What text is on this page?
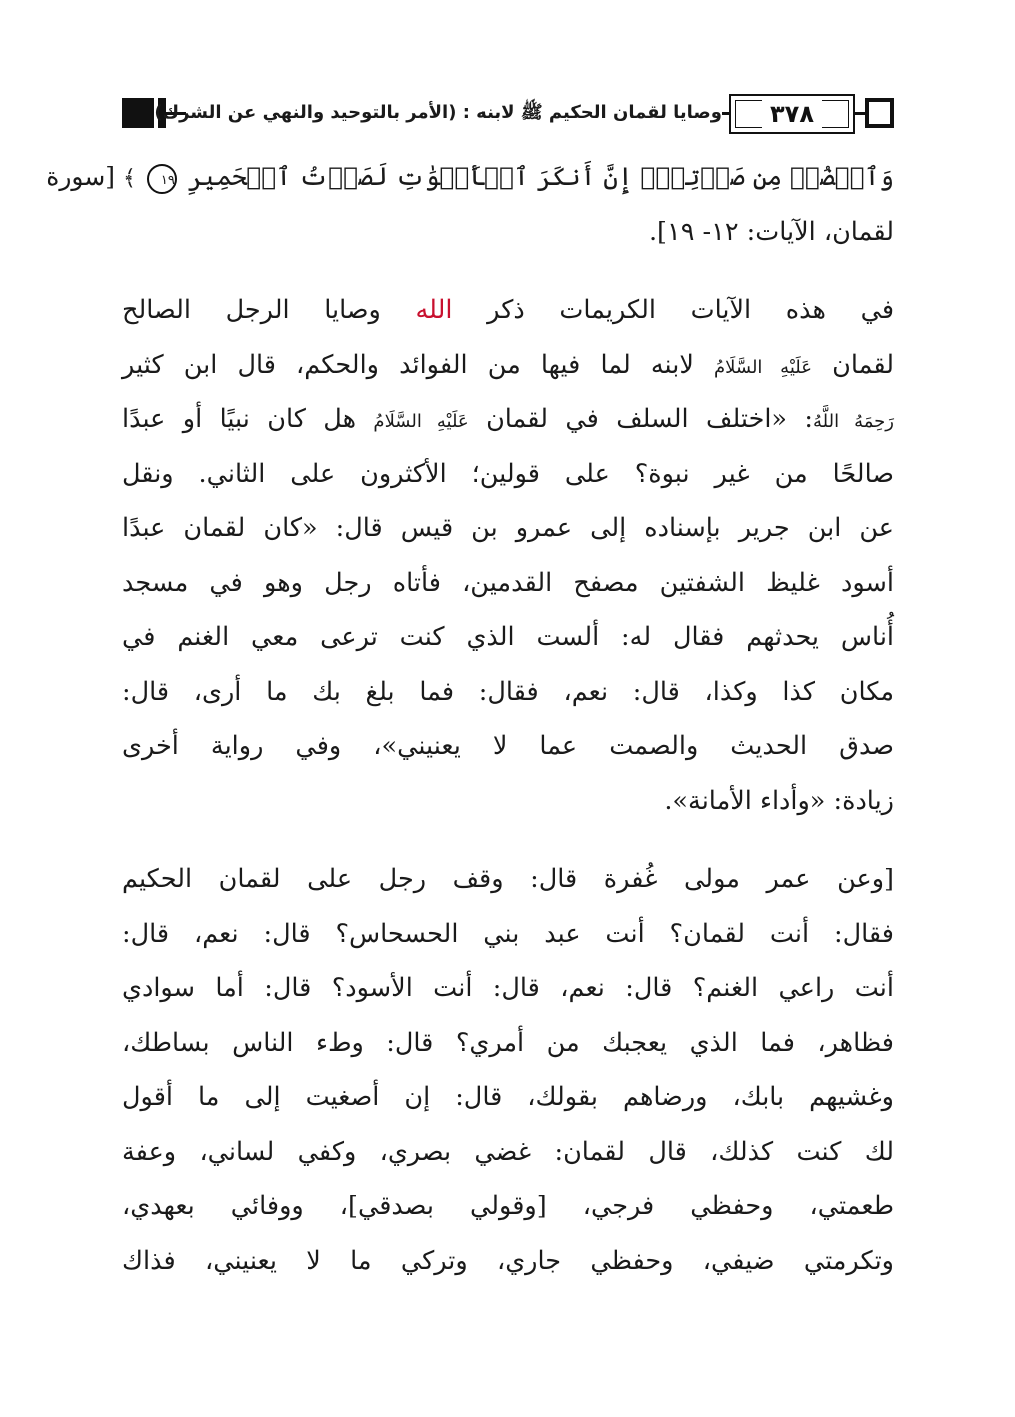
وصايا لقمان الحكيم ﷺ لابنه : (الأمر بالتوحيد والنهي عن الشرك)	٣٧٨
وَٱغۡضُضۡ مِن صَوۡتِكَۚ إِنَّ أَنكَرَ ٱلۡأَصۡوَٰتِ لَصَوۡتُ ٱلۡحَمِيرِ ١٩ ﴾ [سورة
لقمان، الآيات: ١٢- ١٩].
في هذه الآيات الكريمات ذكر الله وصايا الرجل الصالح
لقمان عَلَيْهِ السَّلَامُ لابنه لما فيها من الفوائد والحكم، قال ابن كثير
رَحِمَهُ اللَّهُ: «اختلف السلف في لقمان عَلَيْهِ السَّلَامُ هل كان نبيًا أو عبدًا
صالحًا من غير نبوة؟ على قولين؛ الأكثرون على الثاني. ونقل
عن ابن جرير بإسناده إلى عمرو بن قيس قال: «كان لقمان عبدًا
أسود غليظ الشفتين مصفح القدمين، فأتاه رجل وهو في مسجد
أُناس يحدثهم فقال له: ألست الذي كنت ترعى معي الغنم في
مكان كذا وكذا، قال: نعم، فقال: فما بلغ بك ما أرى، قال:
صدق الحديث والصمت عما لا يعنيني»، وفي رواية أخرى
زيادة: «وأداء الأمانة».
[وعن عمر مولى غُفرة قال: وقف رجل على لقمان الحكيم
فقال: أنت لقمان؟ أنت عبد بني الحسحاس؟ قال: نعم، قال:
أنت راعي الغنم؟ قال: نعم، قال: أنت الأسود؟ قال: أما سوادي
فظاهر، فما الذي يعجبك من أمري؟ قال: وطء الناس بساطك،
وغشيهم بابك، ورضاهم بقولك، قال: إن أصغيت إلى ما أقول
لك كنت كذلك، قال لقمان: غضي بصري، وكفي لساني، وعفة
طعمتي، وحفظي فرجي، [وقولي بصدقي]، ووفائي بعهدي،
وتكرمتي ضيفي، وحفظي جاري، وتركي ما لا يعنيني، فذاك
